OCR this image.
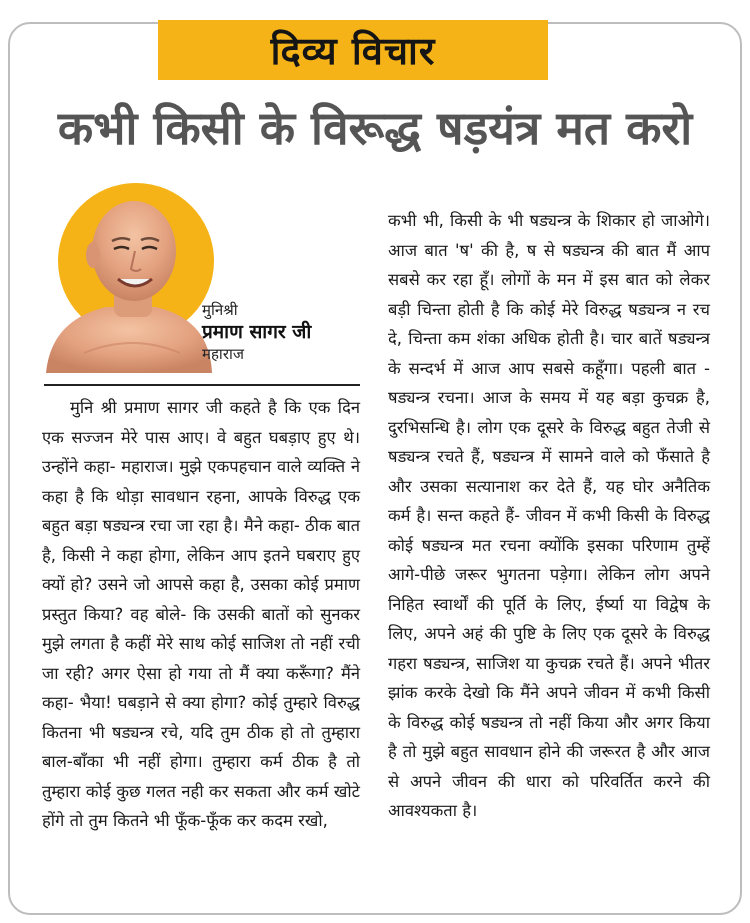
दिव्य विचार
कभी किसी के विरूद्ध षड़यंत्र मत करो
मुनिश्री
प्रमाण सागर जी
महाराज

मुनि श्री प्रमाण सागर जी कहते है कि एक दिन एक सज्जन मेरे पास आए। वे बहुत घबड़ाए हुए थे। उन्होंने कहा- महाराज। मुझे एकपहचान वाले व्यक्ति ने कहा है कि थोड़ा सावधान रहना, आपके विरुद्ध एक बहुत बड़ा षड्यन्त्र रचा जा रहा है। मैने कहा- ठीक बात है, किसी ने कहा होगा, लेकिन आप इतने घबराए हुए क्यों हो? उसने जो आपसे कहा है, उसका कोई प्रमाण प्रस्तुत किया? वह बोले- कि उसकी बातों को सुनकर मुझे लगता है कहीं मेरे साथ कोई साजिश तो नहीं रची जा रही? अगर ऐसा हो गया तो मैं क्या करूँगा? मैंने कहा- भैया! घबड़ाने से क्या होगा? कोई तुम्हारे विरुद्ध कितना भी षड्यन्त्र रचे, यदि तुम ठीक हो तो तुम्हारा बाल-बाँका भी नहीं होगा। तुम्हारा कर्म ठीक है तो तुम्हारा कोई कुछ गलत नही कर सकता और कर्म खोटे होंगे तो तुम कितने भी फूँक-फूँक कर कदम रखो,

कभी भी, किसी के भी षड्यन्त्र के शिकार हो जाओगे। आज बात 'ष' की है, ष से षड्यन्त्र की बात मैं आप सबसे कर रहा हूँ। लोगों के मन में इस बात को लेकर बड़ी चिन्ता होती है कि कोई मेरे विरुद्ध षड्यन्त्र न रच दे, चिन्ता कम शंका अधिक होती है। चार बातें षड्यन्त्र के सन्दर्भ में आज आप सबसे कहूँगा। पहली बात - षड्यन्त्र रचना। आज के समय में यह बड़ा कुचक्र है, दुरभिसन्धि है। लोग एक दूसरे के विरुद्ध बहुत तेजी से षड्यन्त्र रचते हैं, षड्यन्त्र में सामने वाले को फँसाते है और उसका सत्यानाश कर देते हैं, यह घोर अनैतिक कर्म है। सन्त कहते हैं- जीवन में कभी किसी के विरुद्ध कोई षड्यन्त्र मत रचना क्योंकि इसका परिणाम तुम्हें आगे-पीछे जरूर भुगतना पड़ेगा। लेकिन लोग अपने निहित स्वार्थों की पूर्ति के लिए, ईर्ष्या या विद्वेष के लिए, अपने अहं की पुष्टि के लिए एक दूसरे के विरुद्ध गहरा षड्यन्त्र, साजिश या कुचक्र रचते हैं। अपने भीतर झांक करके देखो कि मैंने अपने जीवन में कभी किसी के विरुद्ध कोई षड्यन्त्र तो नहीं किया और अगर किया है तो मुझे बहुत सावधान होने की जरूरत है और आज से अपने जीवन की धारा को परिवर्तित करने की आवश्यकता है।
